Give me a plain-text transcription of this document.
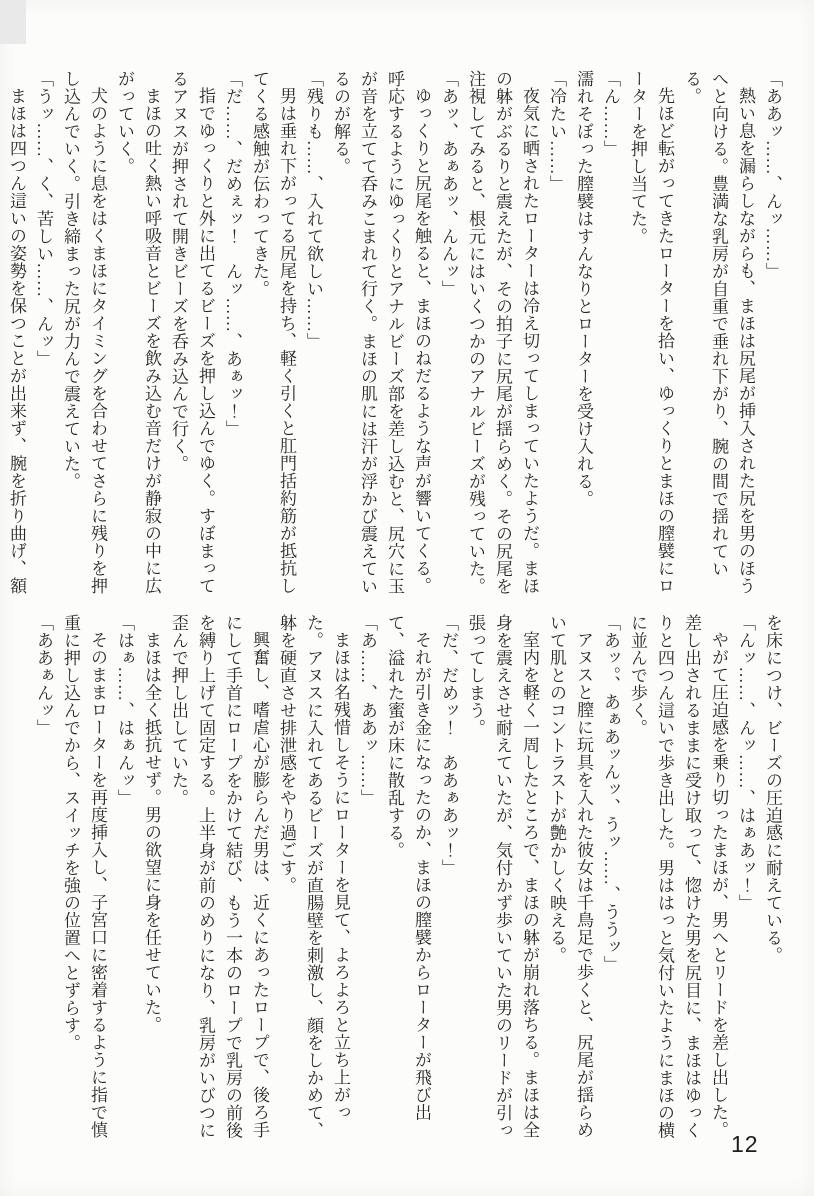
「ああッ……、んッ……」

熱い息を漏らしながらも、まほは尻尾が挿入された尻を男のほうへと向ける。豊満な乳房が自重で垂れ下がり、腕の間で揺れている。

先ほど転がってきたローターを拾い、ゆっくりとまほの膣襞にローターを押し当てた。

「ん……」

濡れそぼった膣襞はすんなりとローターを受け入れる。

「冷たい……」

夜気に晒されたローターは冷え切ってしまっていたようだ。まほの躰がぶるりと震えたが、その拍子に尻尾が揺らめく。その尻尾を注視してみると、根元にはいくつかのアナルビーズが残っていた。

「あッ、あぁあッ、んんッ」

ゆっくりと尻尾を触ると、まほのねだるような声が響いてくる。呼応するようにゆっくりとアナルビーズ部を差し込むと、尻穴に玉が音を立てて呑みこまれて行く。まほの肌には汗が浮かび震えているのが解る。

「残りも……、入れて欲しい……」

男は垂れ下がってる尻尾を持ち、軽く引くと肛門括約筋が抵抗してくる感触が伝わってきた。

「だ……、だめぇッ！　んッ……、あぁッ！」

指でゆっくりと外に出てるビーズを押し込んでゆく。すぼまってるアヌスが押されて開きビーズを呑み込んで行く。

まほの吐く熱い呼吸音とビーズを飲み込む音だけが静寂の中に広がっていく。

犬のように息をはくまほにタイミングを合わせてさらに残りを押し込んでいく。引き締まった尻が力んで震えていた。

「うッ……、く、苦しい……、んッ」

まほは四つん這いの姿勢を保つことが出来ず、腕を折り曲げ、額

を床につけ、ビーズの圧迫感に耐えている。

「んッ……、んッ……、はぁあッ！」

やがて圧迫感を乗り切ったまほが、男へとリードを差し出した。差し出されるままに受け取って、惚けた男を尻目に、まほはゆっくりと四つん這いで歩き出した。男ははっと気付いたようにまほの横に並んで歩く。

「あッ。、あぁあッんッ、うッ……、ううッ」

アヌスと膣に玩具を入れた彼女は千鳥足で歩くと、尻尾が揺らめいて肌とのコントラストが艶かしく映える。

室内を軽く一周したところで、まほの躰が崩れ落ちる。まほは全身を震えさせ耐えていたが、気付かず歩いていた男のリードが引っ張ってしまう。

「だ、だめッ！　ああぁあッ！」

それが引き金になったのか、まほの膣襞からローターが飛び出て、溢れた蜜が床に散乱する。

「あ……、ああッ……」

まほは名残惜しそうにローターを見て、よろよろと立ち上がった。アヌスに入れてあるビーズが直腸壁を刺激し、顔をしかめて、躰を硬直させ排泄感をやり過ごす。

興奮し、嗜虐心が膨らんだ男は、近くにあったロープで、後ろ手にして手首にロープをかけて結び、もう一本のロープで乳房の前後を縛り上げて固定する。上半身が前のめりになり、乳房がいびつに歪んで押し出していた。

まほは全く抵抗せず。男の欲望に身を任せていた。

「はぁ……、はぁんッ」

そのままローターを再度挿入し、子宮口に密着するように指で慎重に押し込んでから、スイッチを強の位置へとずらす。

「ああぁんッ」

12
